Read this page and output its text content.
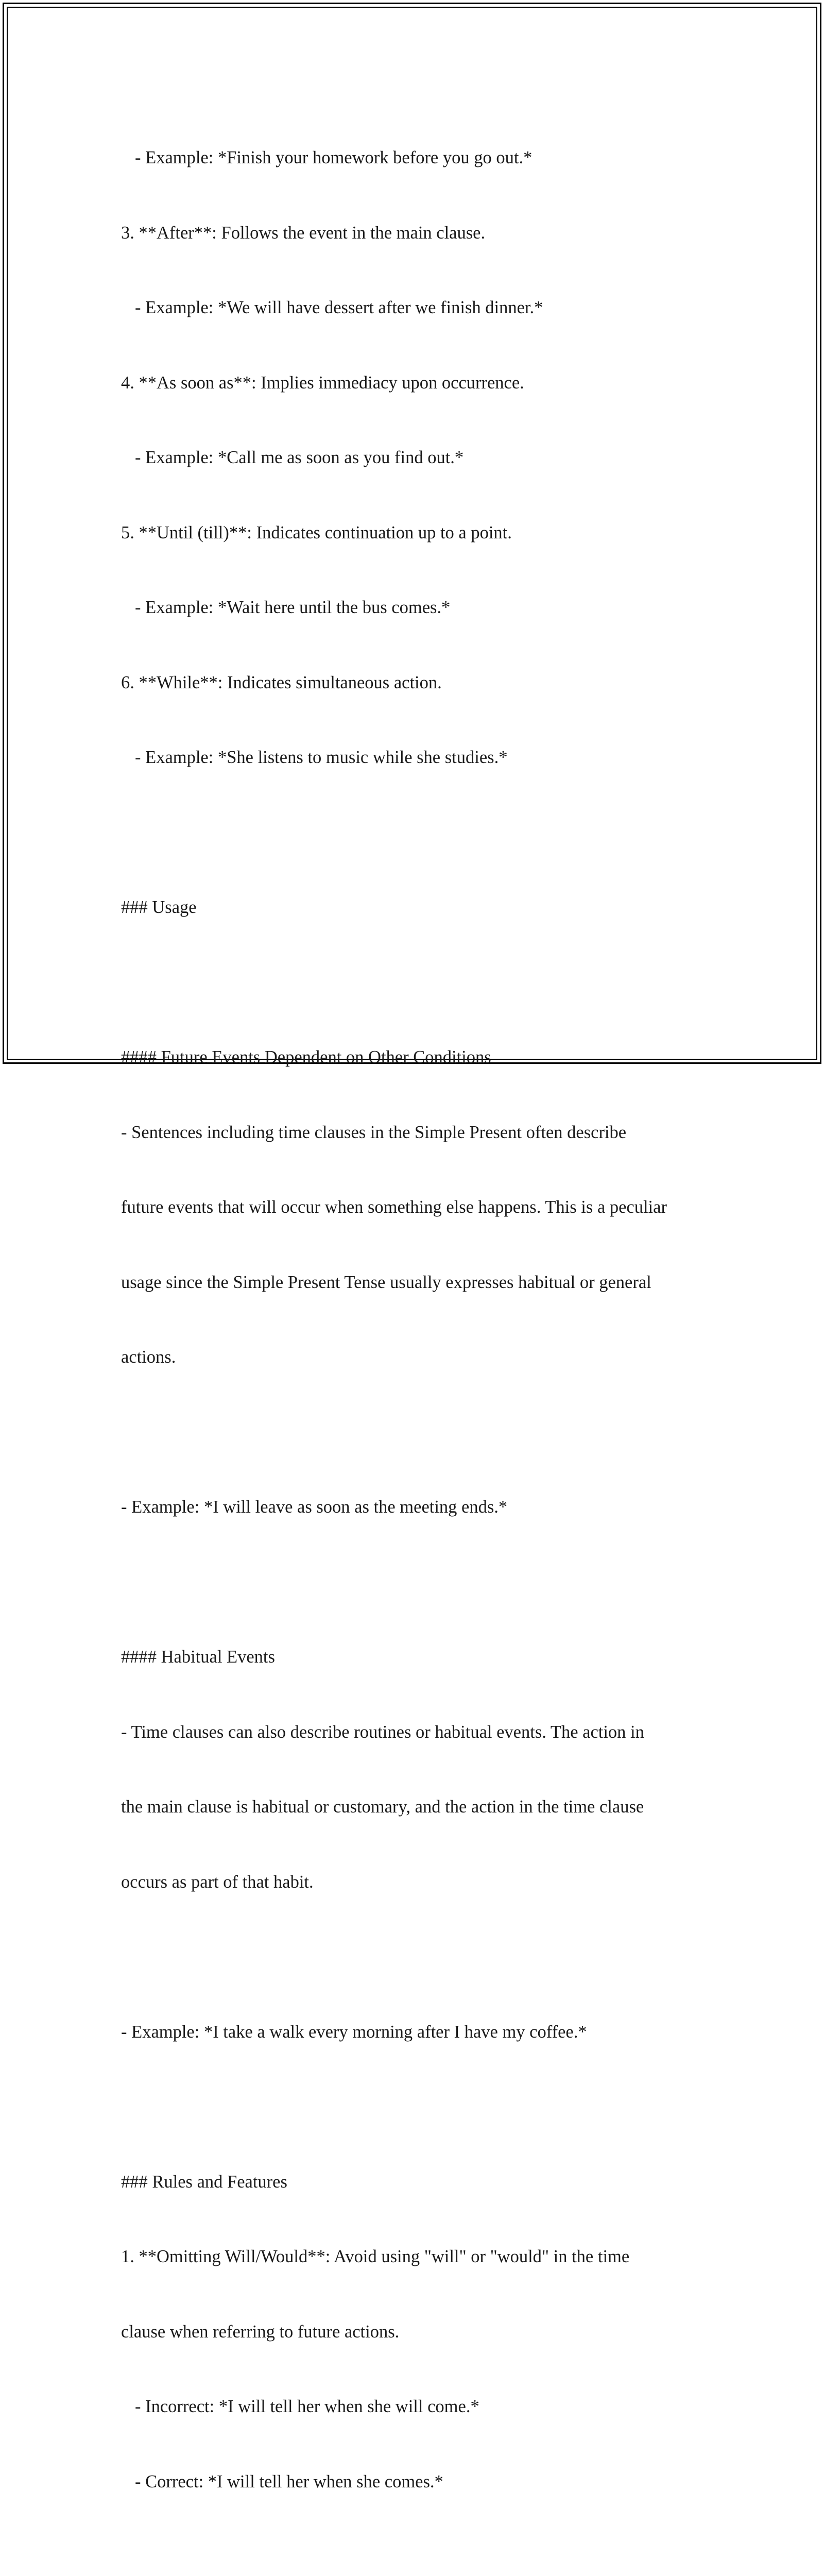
- Example: *Finish your homework before you go out.*

3. **After**: Follows the event in the main clause.

- Example: *We will have dessert after we finish dinner.*

4. **As soon as**: Implies immediacy upon occurrence.

- Example: *Call me as soon as you find out.*

5. **Until (till)**: Indicates continuation up to a point.

- Example: *Wait here until the bus comes.*

6. **While**: Indicates simultaneous action.

- Example: *She listens to music while she studies.*

### Usage

#### Future Events Dependent on Other Conditions

- Sentences including time clauses in the Simple Present often describe

future events that will occur when something else happens. This is a peculiar

usage since the Simple Present Tense usually expresses habitual or general

actions.

- Example: *I will leave as soon as the meeting ends.*

#### Habitual Events

- Time clauses can also describe routines or habitual events. The action in

the main clause is habitual or customary, and the action in the time clause

occurs as part of that habit.

- Example: *I take a walk every morning after I have my coffee.*

### Rules and Features

1. **Omitting Will/Would**: Avoid using "will" or "would" in the time

clause when referring to future actions.

- Incorrect: *I will tell her when she will come.*

- Correct: *I will tell her when she comes.*
